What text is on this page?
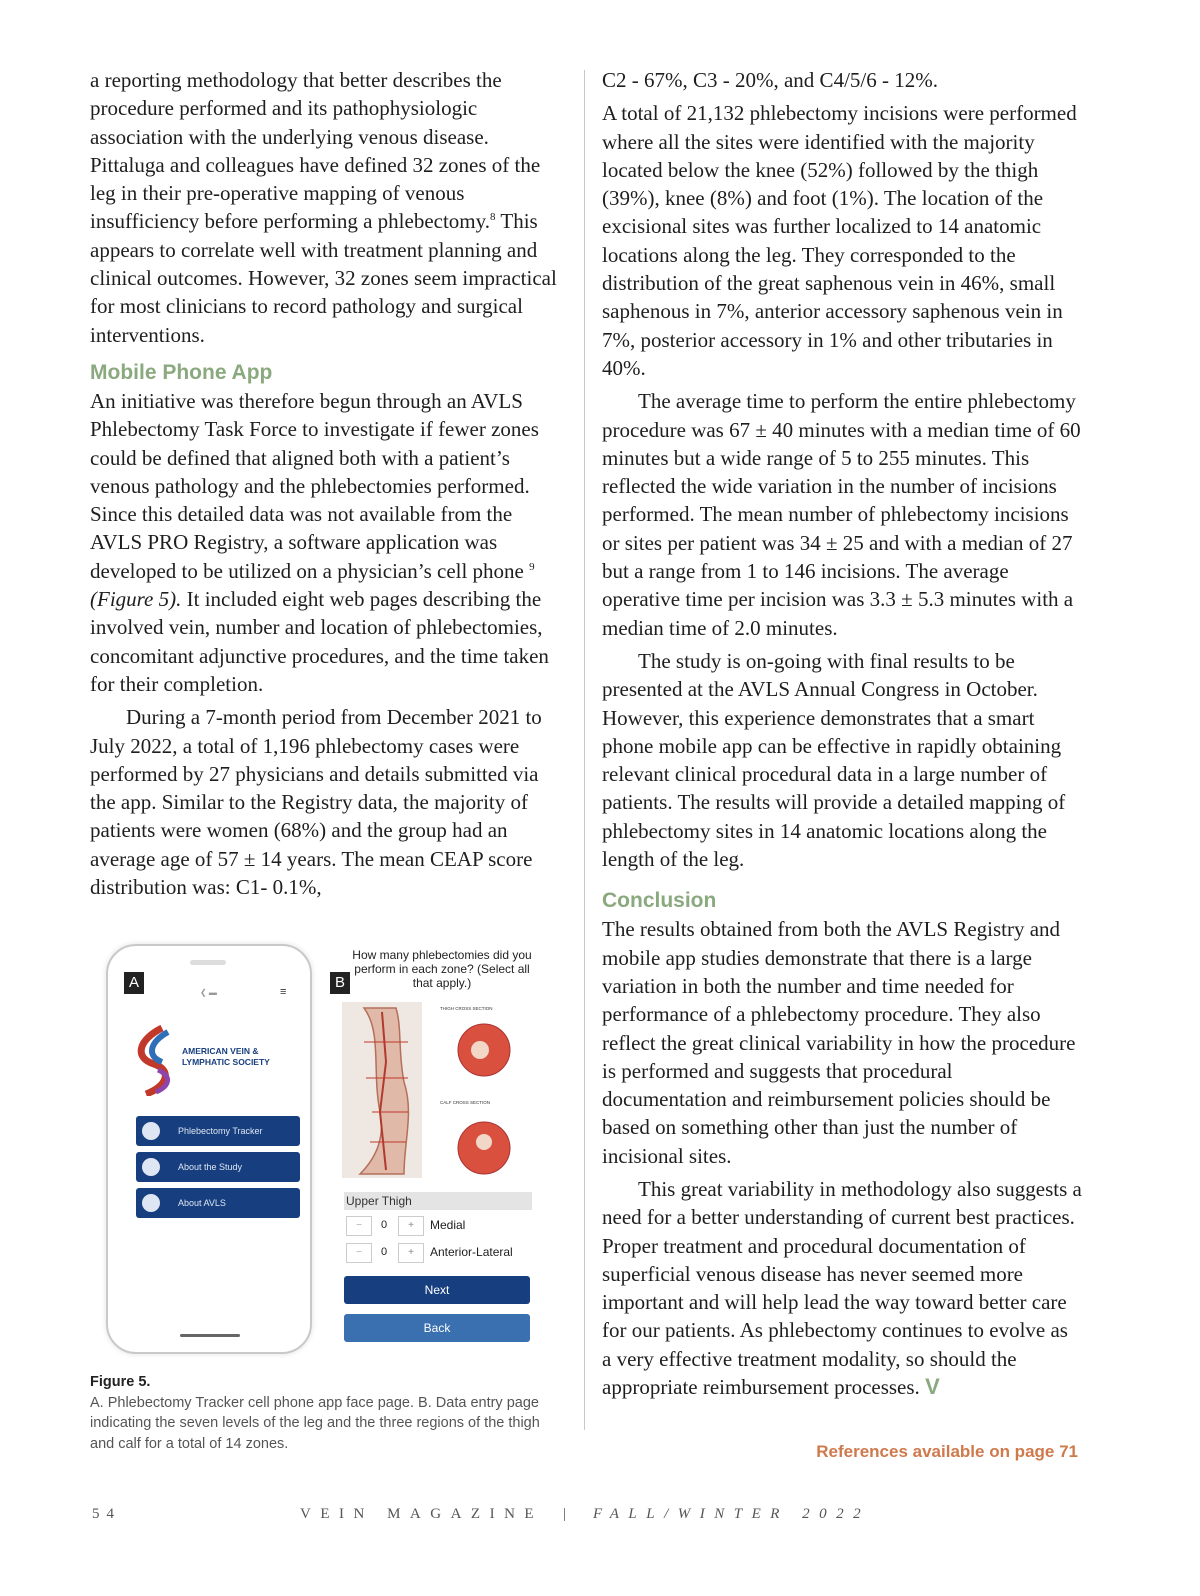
a reporting methodology that better describes the procedure performed and its pathophysiologic association with the underlying venous disease. Pittaluga and colleagues have defined 32 zones of the leg in their pre-operative mapping of venous insufficiency before performing a phlebectomy.$^8$ This appears to correlate well with treatment planning and clinical outcomes. However, 32 zones seem impractical for most clinicians to record pathology and surgical interventions.

Mobile Phone App

An initiative was therefore begun through an AVLS Phlebectomy Task Force to investigate if fewer zones could be defined that aligned both with a patient’s venous pathology and the phlebectomies performed. Since this detailed data was not available from the AVLS PRO Registry, a software application was developed to be utilized on a physician’s cell phone $^9$ (Figure 5). It included eight web pages describing the involved vein, number and location of phlebectomies, concomitant adjunctive procedures, and the time taken for their completion.

During a 7-month period from December 2021 to July 2022, a total of 1,196 phlebectomy cases were performed by 27 physicians and details submitted via the app. Similar to the Registry data, the majority of patients were women (68%) and the group had an average age of 57 ± 14 years. The mean CEAP score distribution was: C1- 0.1%,

C2 - 67%, C3 - 20%, and C4/5/6 - 12%.

A total of 21,132 phlebectomy incisions were performed where all the sites were identified with the majority located below the knee (52%) followed by the thigh (39%), knee (8%) and foot (1%). The location of the excisional sites was further localized to 14 anatomic locations along the leg. They corresponded to the distribution of the great saphenous vein in 46%, small saphenous in 7%, anterior accessory saphenous vein in 7%, posterior accessory in 1% and other tributaries in 40%.

The average time to perform the entire phlebectomy procedure was 67 ± 40 minutes with a median time of 60 minutes but a wide range of 5 to 255 minutes. This reflected the wide variation in the number of incisions performed. The mean number of phlebectomy incisions or sites per patient was 34 ± 25 and with a median of 27 but a range from 1 to 146 incisions. The average operative time per incision was 3.3 ± 5.3 minutes with a median time of 2.0 minutes.

The study is on-going with final results to be presented at the AVLS Annual Congress in October. However, this experience demonstrates that a smart phone mobile app can be effective in rapidly obtaining relevant clinical procedural data in a large number of patients. The results will provide a detailed mapping of phlebectomy sites in 14 anatomic locations along the length of the leg.

Conclusion

The results obtained from both the AVLS Registry and mobile app studies demonstrate that there is a large variation in both the number and time needed for performance of a phlebectomy procedure. They also reflect the great clinical variability in how the procedure is performed and suggests that procedural documentation and reimbursement policies should be based on something other than just the number of incisional sites.

This great variability in methodology also suggests a need for a better understanding of current best practices. Proper treatment and procedural documentation of superficial venous disease has never seemed more important and will help lead the way toward better care for our patients. As phlebectomy continues to evolve as a very effective treatment modality, so should the appropriate reimbursement processes. V

References available on page 71
❮ ▬	≡
AMERICAN VEIN & LYMPHATIC SOCIETY
Phlebectomy Tracker
About the Study
About AVLS
A	B
How many phlebectomies did you perform in each zone? (Select all that apply.)
THIGH CROSS SECTION
CALF CROSS SECTION
Upper Thigh
−	0	+	Medial
−	0	+	Anterior-Lateral
Next
Back
Figure 5.
A. Phlebectomy Tracker cell phone app face page. B. Data entry page indicating the seven levels of the leg and the three regions of the thigh and calf for a total of 14 zones.
54	VEIN MAGAZINE | FALL/WINTER 2022
